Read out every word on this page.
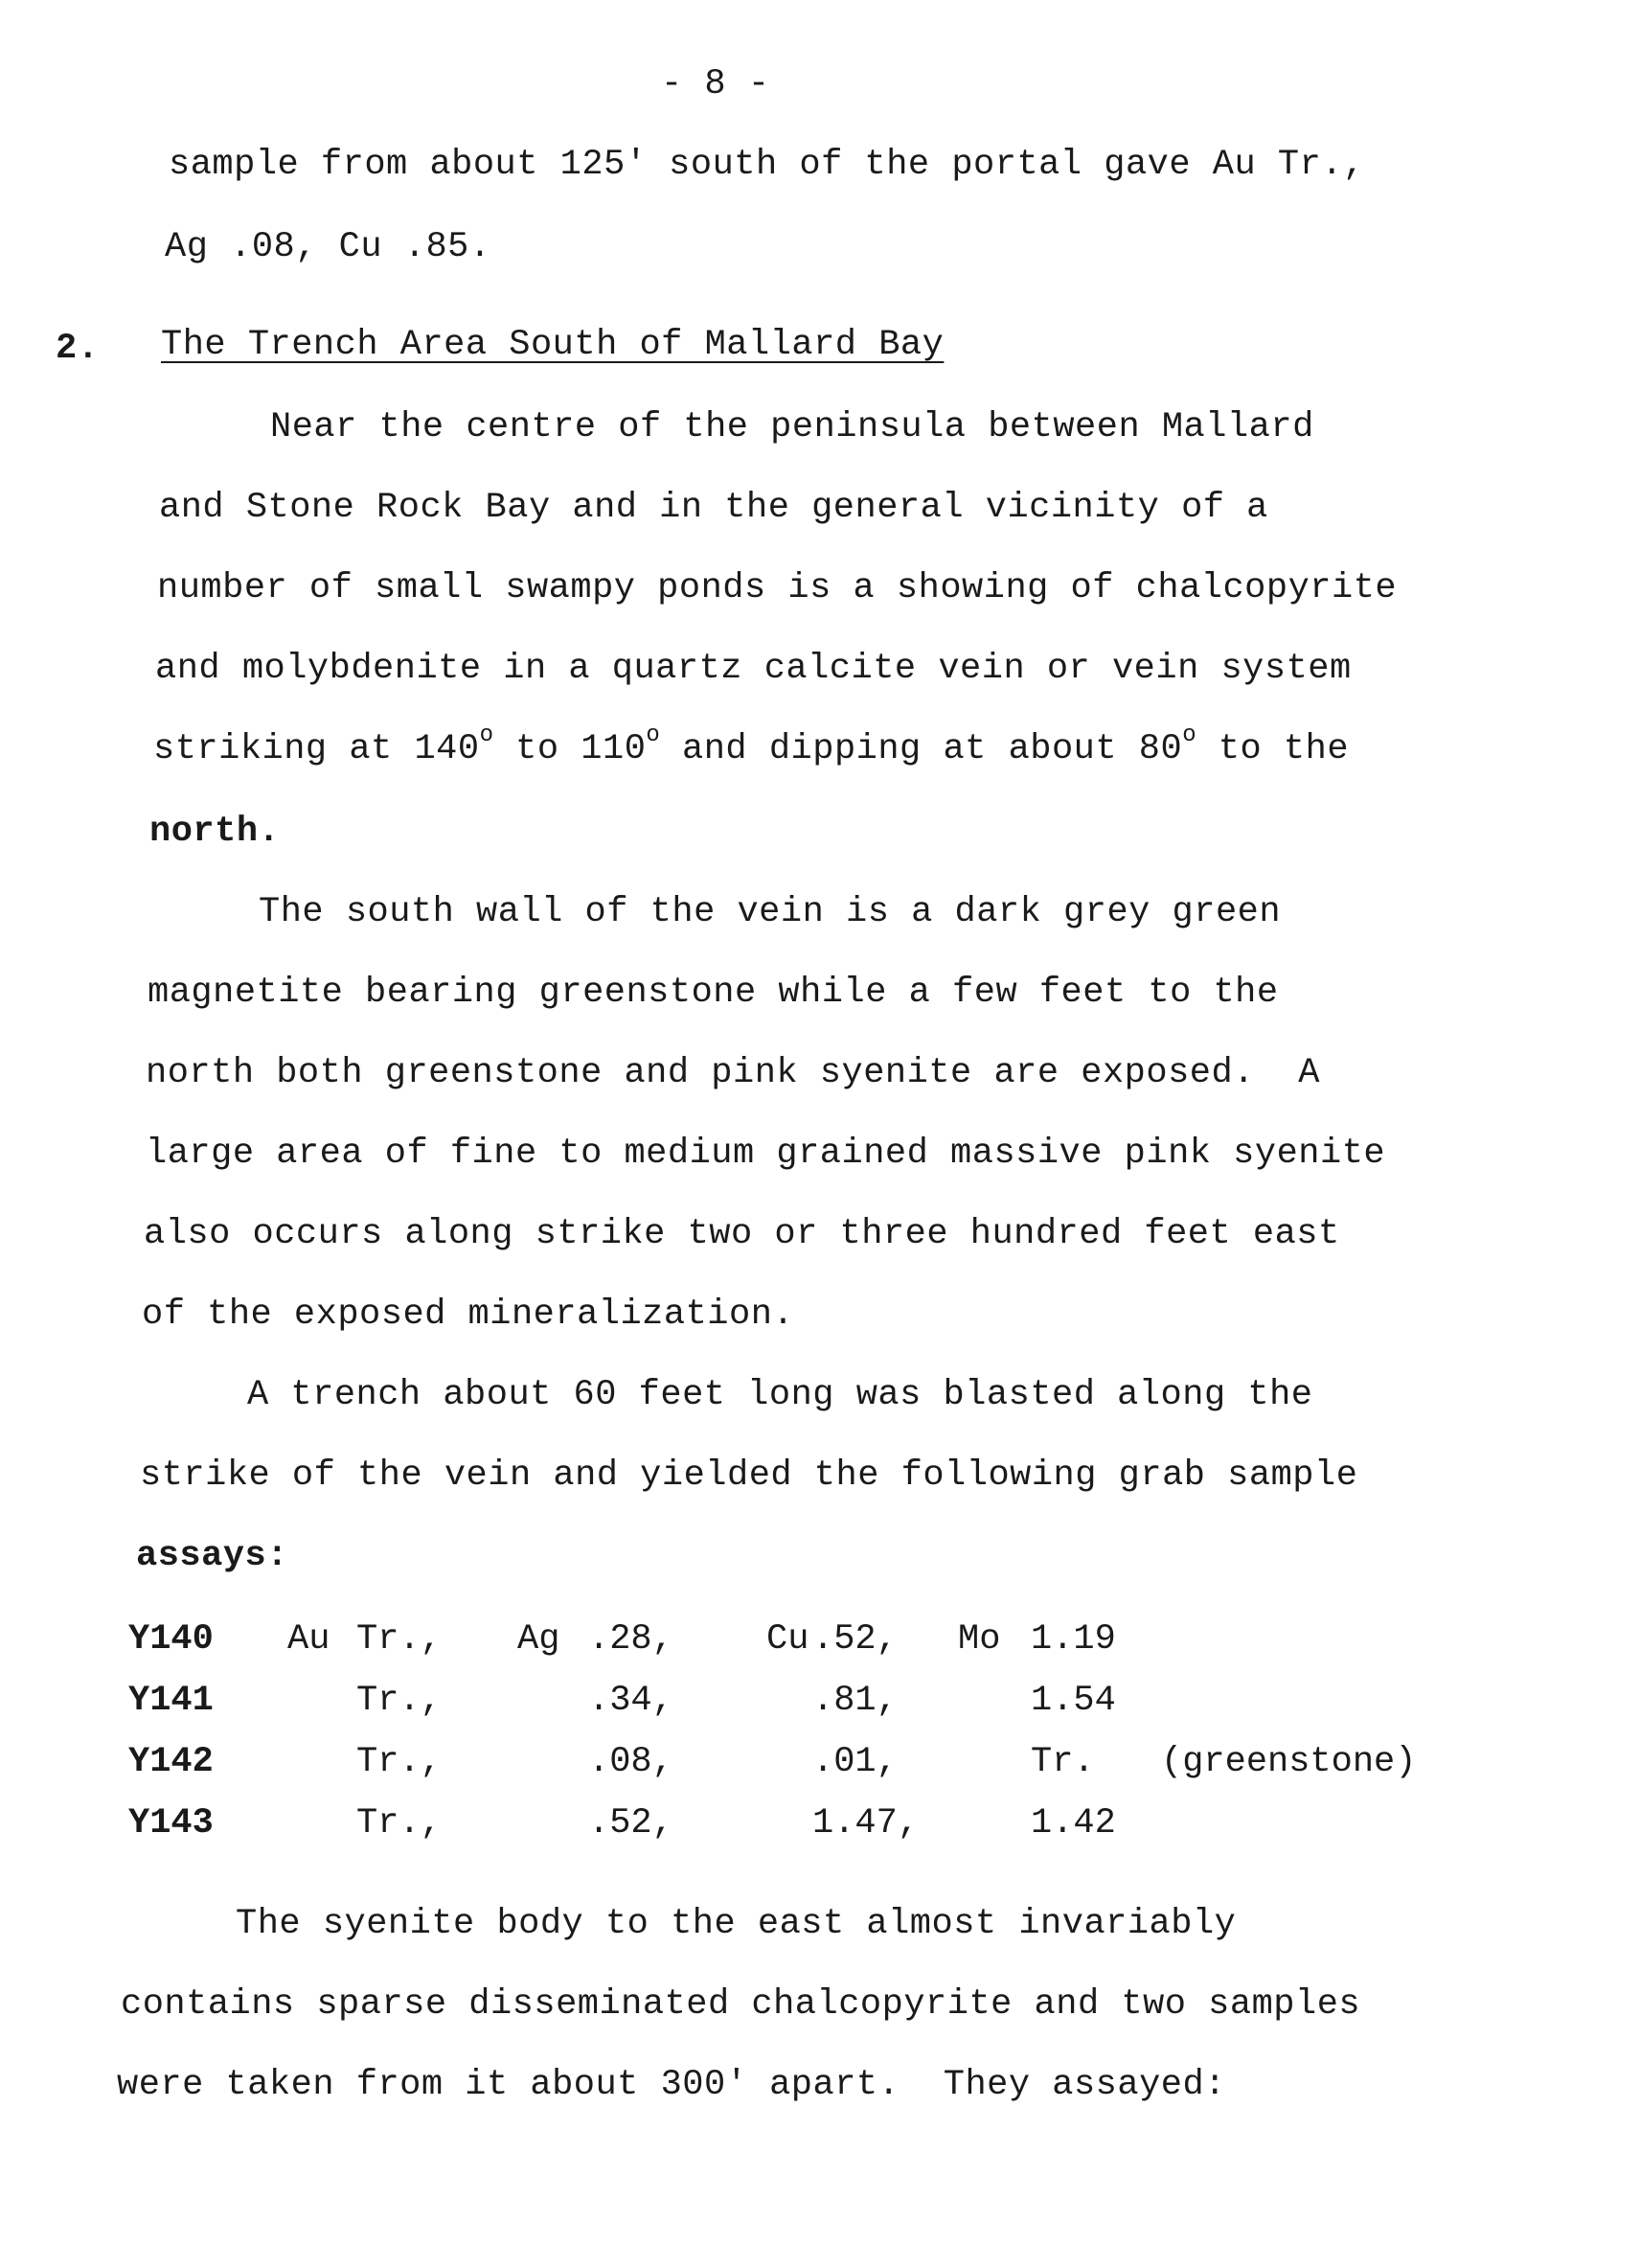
- 8 -
sample from about 125' south of the portal gave Au Tr.,
Ag .08, Cu .85.
2. The Trench Area South of Mallard Bay
Near the centre of the peninsula between Mallard
and Stone Rock Bay and in the general vicinity of a
number of small swampy ponds is a showing of chalcopyrite
and molybdenite in a quartz calcite vein or vein system
striking at 140$^o$ to 110$^o$ and dipping at about 80$^o$ to the
north.
The south wall of the vein is a dark grey green
magnetite bearing greenstone while a few feet to the
north both greenstone and pink syenite are exposed.  A
large area of fine to medium grained massive pink syenite
also occurs along strike two or three hundred feet east
of the exposed mineralization.
A trench about 60 feet long was blasted along the
strike of the vein and yielded the following grab sample
assays:
Y140 Au Tr., Ag .28,	Cu .52, Mo 1.19
Y141	Tr.,	.34,	.81,	1.54
Y142	Tr.,	.08,	.01,	Tr. (greenstone)
Y143	Tr.,	.52,	1.47,	1.42
The syenite body to the east almost invariably
contains sparse disseminated chalcopyrite and two samples
were taken from it about 300' apart.  They assayed:
